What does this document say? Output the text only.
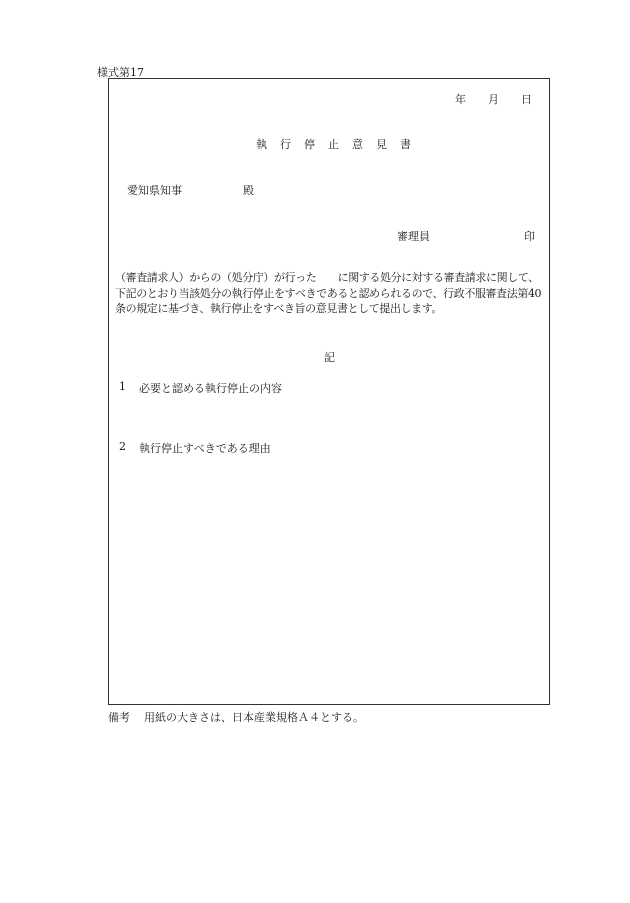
様式第17
年 月 日
執行停止意見書
愛知県知事	殿
審理員	印
（審査請求人）からの（処分庁）が行った　　に関する処分に対する審査請求に関して、下記のとおり当該処分の執行停止をすべきであると認められるので、行政不服審査法第40条の規定に基づき、執行停止をすべき旨の意見書として提出します。
記
1 必要と認める執行停止の内容
2 執行停止すべきである理由
備考 用紙の大きさは、日本産業規格Ａ４とする。
